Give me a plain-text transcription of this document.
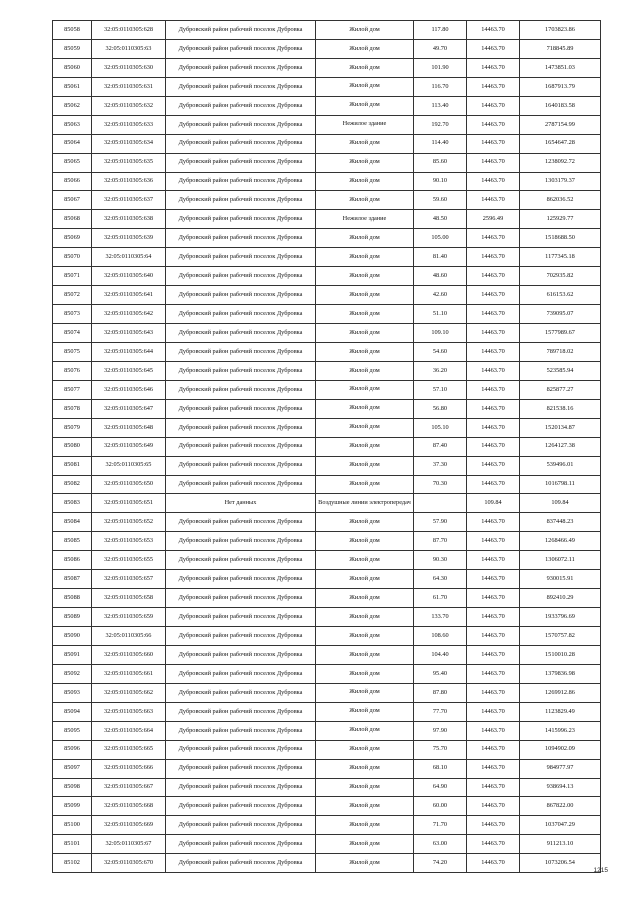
85058	32:05:0110305:628	Дубровский район рабочий поселок Дубровка	Жилой дом	117.80	14463.70	1703823.86
85059	32:05:0110305:63	Дубровский район рабочий поселок Дубровка	Жилой дом	49.70	14463.70	718845.89
85060	32:05:0110305:630	Дубровский район рабочий поселок Дубровка	Жилой дом	101.90	14463.70	1473851.03
85061	32:05:0110305:631	Дубровский район рабочий поселок Дубровка	Жилой дом	116.70	14463.70	1687913.79
85062	32:05:0110305:632	Дубровский район рабочий поселок Дубровка	Жилой дом	113.40	14463.70	1640183.58
85063	32:05:0110305:633	Дубровский район рабочий поселок Дубровка	Нежилое здание	192.70	14463.70	2787154.99
85064	32:05:0110305:634	Дубровский район рабочий поселок Дубровка	Жилой дом	114.40	14463.70	1654647.28
85065	32:05:0110305:635	Дубровский район рабочий поселок Дубровка	Жилой дом	85.60	14463.70	1238092.72
85066	32:05:0110305:636	Дубровский район рабочий поселок Дубровка	Жилой дом	90.10	14463.70	1303179.37
85067	32:05:0110305:637	Дубровский район рабочий поселок Дубровка	Жилой дом	59.60	14463.70	862036.52
85068	32:05:0110305:638	Дубровский район рабочий поселок Дубровка	Нежилое здание	48.50	2596.49	125929.77
85069	32:05:0110305:639	Дубровский район рабочий поселок Дубровка	Жилой дом	105.00	14463.70	1518688.50
85070	32:05:0110305:64	Дубровский район рабочий поселок Дубровка	Жилой дом	81.40	14463.70	1177345.18
85071	32:05:0110305:640	Дубровский район рабочий поселок Дубровка	Жилой дом	48.60	14463.70	702935.82
85072	32:05:0110305:641	Дубровский район рабочий поселок Дубровка	Жилой дом	42.60	14463.70	616153.62
85073	32:05:0110305:642	Дубровский район рабочий поселок Дубровка	Жилой дом	51.10	14463.70	739095.07
85074	32:05:0110305:643	Дубровский район рабочий поселок Дубровка	Жилой дом	109.10	14463.70	1577989.67
85075	32:05:0110305:644	Дубровский район рабочий поселок Дубровка	Жилой дом	54.60	14463.70	789718.02
85076	32:05:0110305:645	Дубровский район рабочий поселок Дубровка	Жилой дом	36.20	14463.70	523585.94
85077	32:05:0110305:646	Дубровский район рабочий поселок Дубровка	Жилой дом	57.10	14463.70	825877.27
85078	32:05:0110305:647	Дубровский район рабочий поселок Дубровка	Жилой дом	56.80	14463.70	821538.16
85079	32:05:0110305:648	Дубровский район рабочий поселок Дубровка	Жилой дом	105.10	14463.70	1520134.87
85080	32:05:0110305:649	Дубровский район рабочий поселок Дубровка	Жилой дом	87.40	14463.70	1264127.38
85081	32:05:0110305:65	Дубровский район рабочий поселок Дубровка	Жилой дом	37.30	14463.70	539496.01
85082	32:05:0110305:650	Дубровский район рабочий поселок Дубровка	Жилой дом	70.30	14463.70	1016798.11
85083	32:05:0110305:651	Нет данных	Воздушные линии электропередач		109.84	109.84
85084	32:05:0110305:652	Дубровский район рабочий поселок Дубровка	Жилой дом	57.90	14463.70	837448.23
85085	32:05:0110305:653	Дубровский район рабочий поселок Дубровка	Жилой дом	87.70	14463.70	1268466.49
85086	32:05:0110305:655	Дубровский район рабочий поселок Дубровка	Жилой дом	90.30	14463.70	1306072.11
85087	32:05:0110305:657	Дубровский район рабочий поселок Дубровка	Жилой дом	64.30	14463.70	930015.91
85088	32:05:0110305:658	Дубровский район рабочий поселок Дубровка	Жилой дом	61.70	14463.70	892410.29
85089	32:05:0110305:659	Дубровский район рабочий поселок Дубровка	Жилой дом	133.70	14463.70	1933796.69
85090	32:05:0110305:66	Дубровский район рабочий поселок Дубровка	Жилой дом	108.60	14463.70	1570757.82
85091	32:05:0110305:660	Дубровский район рабочий поселок Дубровка	Жилой дом	104.40	14463.70	1510010.28
85092	32:05:0110305:661	Дубровский район рабочий поселок Дубровка	Жилой дом	95.40	14463.70	1379836.98
85093	32:05:0110305:662	Дубровский район рабочий поселок Дубровка	Жилой дом	87.80	14463.70	1269912.86
85094	32:05:0110305:663	Дубровский район рабочий поселок Дубровка	Жилой дом	77.70	14463.70	1123829.49
85095	32:05:0110305:664	Дубровский район рабочий поселок Дубровка	Жилой дом	97.90	14463.70	1415996.23
85096	32:05:0110305:665	Дубровский район рабочий поселок Дубровка	Жилой дом	75.70	14463.70	1094902.09
85097	32:05:0110305:666	Дубровский район рабочий поселок Дубровка	Жилой дом	68.10	14463.70	984977.97
85098	32:05:0110305:667	Дубровский район рабочий поселок Дубровка	Жилой дом	64.90	14463.70	938694.13
85099	32:05:0110305:668	Дубровский район рабочий поселок Дубровка	Жилой дом	60.00	14463.70	867822.00
85100	32:05:0110305:669	Дубровский район рабочий поселок Дубровка	Жилой дом	71.70	14463.70	1037047.29
85101	32:05:0110305:67	Дубровский район рабочий поселок Дубровка	Жилой дом	63.00	14463.70	911213.10
85102	32:05:0110305:670	Дубровский район рабочий поселок Дубровка	Жилой дом	74.20	14463.70	1073206.54
1215
